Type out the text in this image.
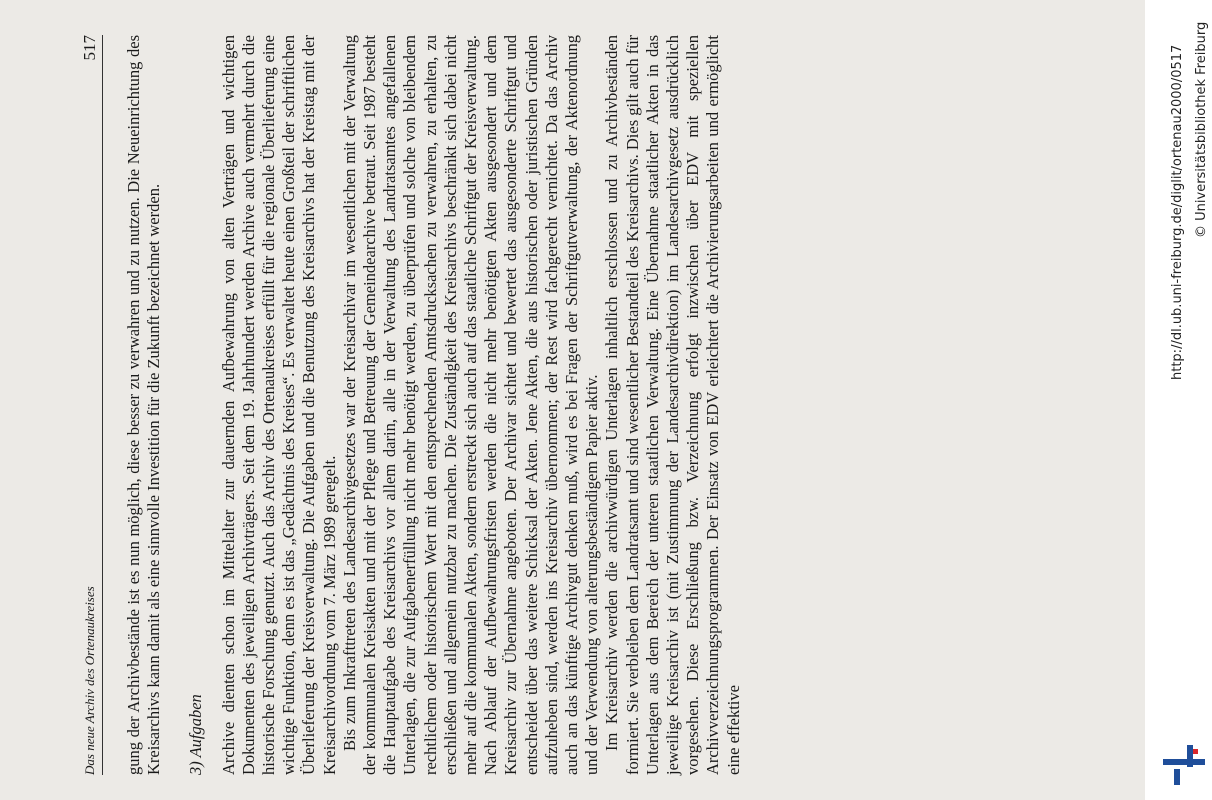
Das neue Archiv des Ortenaukreises
517 gung der Archivbestände ist es nun möglich, diese besser zu verwahren und zu nutzen. Die Neueinrichtung des Kreisarchivs kann damit als eine sinnvolle Investition für die Zukunft bezeichnet werden. 3) Aufgaben Archive dienten schon im Mittelalter zur dauernden Aufbewahrung von alten Verträgen und wichtigen Dokumenten des jeweiligen Archivträgers. Seit dem 19. Jahrhundert werden Archive auch vermehrt durch die historische Forschung genutzt. Auch das Archiv des Ortenaukreises erfüllt für die regionale Überlieferung eine wichtige Funktion, denn es ist das „Gedächtnis des Kreises“. Es verwaltet heute einen Großteil der schriftlichen Überlieferung der Kreisverwaltung. Die Aufgaben und die Benutzung des Kreisarchivs hat der Kreistag mit der Kreisarchivordnung vom 7. März 1989 geregelt. Bis zum Inkrafttreten des Landesarchivgesetzes war der Kreisarchivar im wesentlichen mit der Verwaltung der kommunalen Kreisakten und mit der Pflege und Betreuung der Gemeindearchive betraut. Seit 1987 besteht die Hauptaufgabe des Kreisarchivs vor allem darin, alle in der Verwaltung des Landratsamtes angefallenen Unterlagen, die zur Aufgabenerfüllung nicht mehr benötigt werden, zu überprüfen und solche von bleibendem rechtlichem oder historischem Wert mit den entsprechenden Amtsdrucksachen zu verwahren, zu erhalten, zu erschließen und allgemein nutzbar zu machen. Die Zuständigkeit des Kreisarchivs beschränkt sich dabei nicht mehr auf die kommunalen Akten, sondern erstreckt sich auch auf das staatliche Schriftgut der Kreisverwaltung. Nach Ablauf der Aufbewahrungsfristen werden die nicht mehr benötigten Akten ausgesondert und dem Kreisarchiv zur Übernahme angeboten. Der Archivar sichtet und bewertet das ausgesonderte Schriftgut und entscheidet über das weitere Schicksal der Akten. Jene Akten, die aus historischen oder juristischen Gründen aufzuheben sind, werden ins Kreisarchiv übernommen; der Rest wird fachgerecht vernichtet. Da das Archiv auch an das künftige Archivgut denken muß, wird es bei Fragen der Schriftgutverwaltung, der Aktenordnung und der Verwendung von alterungsbeständigem Papier aktiv. Im Kreisarchiv werden die archivwürdigen Unterlagen inhaltlich erschlossen und zu Archivbeständen formiert. Sie verbleiben dem Landratsamt und sind wesentlicher Bestandteil des Kreisarchivs. Dies gilt auch für Unterlagen aus dem Bereich der unteren staatlichen Verwaltung. Eine Übernahme staatlicher Akten in das jeweilige Kreisarchiv ist (mit Zustimmung der Landesarchivdirektion) im Landesarchivgesetz ausdrücklich vorgesehen. Diese Erschließung bzw. Verzeichnung erfolgt inzwischen über EDV mit speziellen Archivverzeichnungsprogrammen. Der Einsatz von EDV erleichtert die Archivierungsarbeiten und ermöglicht eine effektive

http://dl.ub.uni-freiburg.de/diglit/ortenau2000/0517 © Universitätsbibliothek Freiburg
